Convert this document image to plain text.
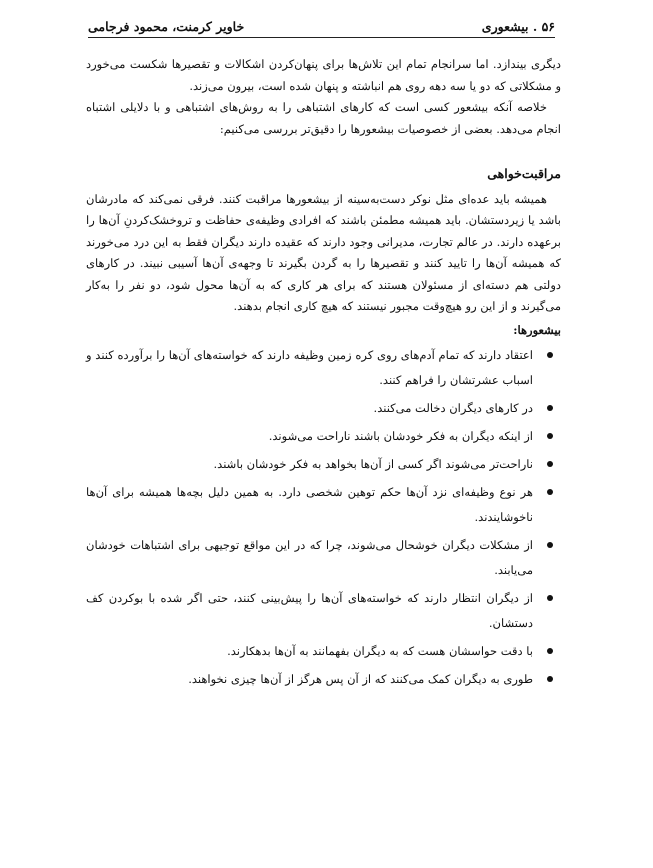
۵۶ . بیشعوری
خاویر کرمنت، محمود فرجامی

دیگری بیندازد. اما سرانجام تمام این تلاش‌ها برای پنهان‌کردن اشکالات و تقصیرها شکست می‌خورد و مشکلاتی که دو یا سه دهه روی هم انباشته و پنهان شده است، بیرون می‌زند.

خلاصه آنکه بیشعور کسی است که کارهای اشتباهی را به روش‌های اشتباهی و با دلایلی اشتباه انجام می‌دهد. بعضی از خصوصیات بیشعورها را دقیق‌تر بررسی می‌کنیم:

مراقبت‌خواهی

همیشه باید عده‌ای مثل نوکر دست‌به‌سینه از بیشعورها مراقبت کنند. فرقی نمی‌کند که مادرشان باشد یا زیردستشان. باید همیشه مطمئن باشند که افرادی وظیفه‌ی حفاظت و تروخشک‌کردنِ آن‌ها را برعهده دارند. در عالم تجارت، مدیرانی وجود دارند که عقیده دارند دیگران فقط به این درد می‌خورند که همیشه آن‌ها را تایید کنند و تقصیرها را به گردن بگیرند تا وجهه‌ی آن‌ها آسیبی نبیند. در کارهای دولتی هم دسته‌ای از مسئولان هستند که برای هر کاری که به آن‌ها محول شود، دو نفر را به‌کار می‌گیرند و از این رو هیچ‌وقت مجبور نیستند که هیچ کاری انجام بدهند.

بیشعورها:

اعتقاد دارند که تمام آدم‌های روی کره زمین وظیفه دارند که خواسته‌های آن‌ها را برآورده کنند و اسباب عشرتشان را فراهم کنند.
در کارهای دیگران دخالت می‌کنند.
از اینکه دیگران به فکر خودشان باشند ناراحت می‌شوند.
ناراحت‌تر می‌شوند اگر کسی از آن‌ها بخواهد به فکر خودشان باشند.
هر نوع وظیفه‌ای نزد آن‌ها حکم توهین شخصی دارد. به همین دلیل بچه‌ها همیشه برای آن‌ها ناخوشایندند.
از مشکلات دیگران خوشحال می‌شوند، چرا که در این مواقع توجیهی برای اشتباهات خودشان می‌یابند.
از دیگران انتظار دارند که خواسته‌های آن‌ها را پیش‌بینی کنند، حتی اگر شده با بوکردن کف دستشان.
با دقت حواسشان هست که به دیگران بفهمانند به آن‌ها بدهکارند.
طوری به دیگران کمک می‌کنند که از آن پس هرگز از آن‌ها چیزی نخواهند.
